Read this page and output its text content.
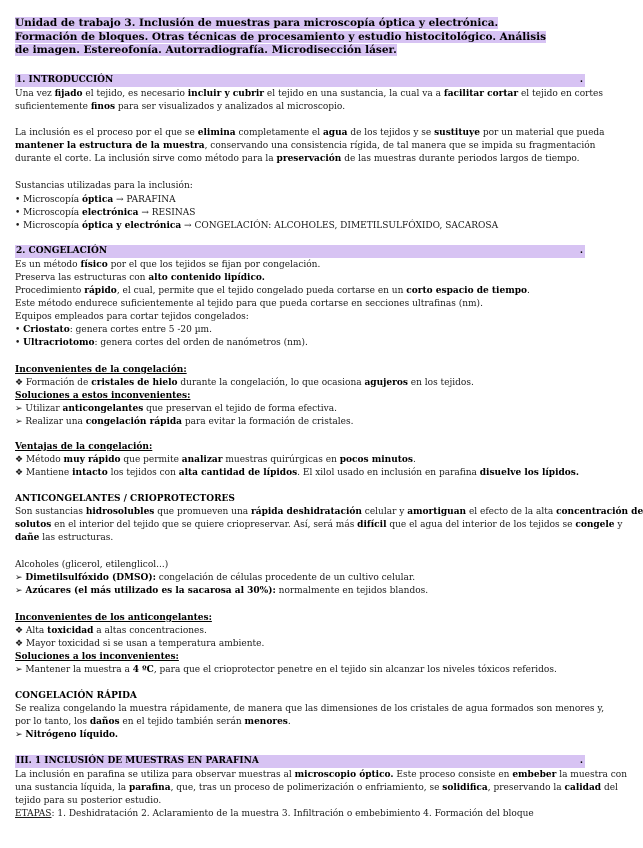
Unidad de trabajo 3. Inclusión de muestras para microscopía óptica y electrónica. Formación de bloques. Otras técnicas de procesamiento y estudio histocitológico. Análisis de imagen. Estereofonía. Autorradiografía. Microdisección láser.
1. INTRODUCCIÓN	.
Una vez fijado el tejido, es necesario incluir y cubrir el tejido en una sustancia, la cual va a facilitar cortar el tejido en cortes
suficientemente finos para ser visualizados y analizados al microscopio.
La inclusión es el proceso por el que se elimina completamente el agua de los tejidos y se sustituye por un material que pueda
mantener la estructura de la muestra, conservando una consistencia rígida, de tal manera que se impida su fragmentación
durante el corte. La inclusión sirve como método para la preservación de las muestras durante periodos largos de tiempo.
Sustancias utilizadas para la inclusión:
• Microscopía óptica → PARAFINA
• Microscopía electrónica → RESINAS
• Microscopía óptica y electrónica → CONGELACIÓN: ALCOHOLES, DIMETILSULFÓXIDO, SACAROSA
2. CONGELACIÓN	.
Es un método físico por el que los tejidos se fijan por congelación.
Preserva las estructuras con alto contenido lipídico.
Procedimiento rápido, el cual, permite que el tejido congelado pueda cortarse en un corto espacio de tiempo.
Este método endurece suficientemente al tejido para que pueda cortarse en secciones ultrafinas (nm).
Equipos empleados para cortar tejidos congelados:
• Criostato: genera cortes entre 5 -20 µm.
• Ultracriotomo: genera cortes del orden de nanómetros (nm).
Inconvenientes de la congelación:
❖ Formación de cristales de hielo durante la congelación, lo que ocasiona agujeros en los tejidos.
Soluciones a estos inconvenientes:
➢ Utilizar anticongelantes que preservan el tejido de forma efectiva.
➢ Realizar una congelación rápida para evitar la formación de cristales.
Ventajas de la congelación:
❖ Método muy rápido que permite analizar muestras quirúrgicas en pocos minutos.
❖ Mantiene intacto los tejidos con alta cantidad de lípidos. El xilol usado en inclusión en parafina disuelve los lípidos.
ANTICONGELANTES / CRIOPROTECTORES
Son sustancias hidrosolubles que promueven una rápida deshidratación celular y amortiguan el efecto de la alta concentración de
solutos en el interior del tejido que se quiere criopreservar. Así, será más difícil que el agua del interior de los tejidos se congele y
dañe las estructuras.
Alcoholes (glicerol, etilenglicol...)
➢ Dimetilsulfóxido (DMSO): congelación de células procedente de un cultivo celular.
➢ Azúcares (el más utilizado es la sacarosa al 30%): normalmente en tejidos blandos.
Inconvenientes de los anticongelantes:
❖ Alta toxicidad a altas concentraciones.
❖ Mayor toxicidad si se usan a temperatura ambiente.
Soluciones a los inconvenientes:
➢ Mantener la muestra a 4 ºC, para que el crioprotector penetre en el tejido sin alcanzar los niveles tóxicos referidos.
CONGELACIÓN RÁPIDA
Se realiza congelando la muestra rápidamente, de manera que las dimensiones de los cristales de agua formados son menores y,
por lo tanto, los daños en el tejido también serán menores.
➢ Nitrógeno líquido.
III. 1 INCLUSIÓN DE MUESTRAS EN PARAFINA	.
La inclusión en parafina se utiliza para observar muestras al microscopio óptico. Este proceso consiste en embeber la muestra con
una sustancia líquida, la parafina, que, tras un proceso de polimerización o enfriamiento, se solidifica, preservando la calidad del
tejido para su posterior estudio.
ETAPAS: 1. Deshidratación 2. Aclaramiento de la muestra 3. Infiltración o embebimiento 4. Formación del bloque
